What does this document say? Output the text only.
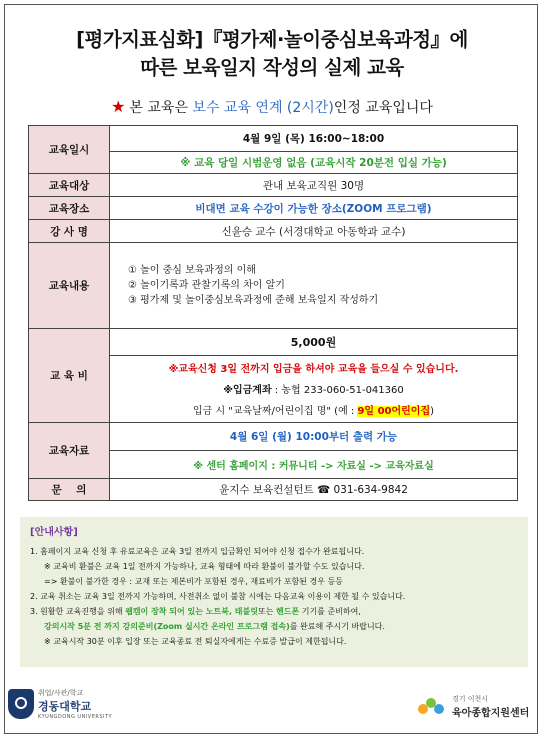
[평가지표심화]『평가제·놀이중심보육과정』에
따른 보육일지 작성의 실제 교육
★ 본 교육은 보수 교육 연계 (2시간)인정 교육입니다
교육일시	4월 9일 (목) 16:00~18:00
	※ 교육 당일 시범운영 없음 (교육시작 20분전 입실 가능)
교육대상	관내 보육교직원 30명
교육장소	비대면 교육 수강이 가능한 장소(ZOOM 프로그램)
강 사 명	신윤승 교수 (서경대학교 아동학과 교수)
교육내용	① 놀이 중심 보육과정의 이해
② 놀이기록과 관찰기록의 차이 알기
③ 평가제 및 놀이중심보육과정에 준해 보육일지 작성하기

교 육 비	5,000원
※교육신청 3일 전까지 입금을 하셔야 교육을 들으실 수 있습니다.
※입금계좌 : 농협 233-060-51-041360
입금 시 "교육날짜/어린이집 명" (예 : 9일 00어린이집)

교육자료	4월 6일 (월) 10:00부터 출력 가능
※ 센터 홈페이지 : 커뮤니티 -> 자료실 -> 교육자료실

문    의	윤지수 보육컨설턴트 ☎ 031-634-9842
[안내사항]
1. 홈페이지 교육 신청 후 유료교육은 교육 3일 전까지 입금확인 되어야 신청 접수가 완료됩니다.
※ 교육비 환불은 교육 1일 전까지 가능하나, 교육 형태에 따라 환불이 불가할 수도 있습니다.
=> 환불이 불가한 경우 : 교재 또는 제본비가 포함된 경우, 재료비가 포함된 경우 등등
2. 교육 취소는 교육 3일 전까지 가능하며, 사전취소 없이 불참 시에는 다음교육 이용이 제한 될 수 있습니다.
3. 원활한 교육진행을 위해 웹캠이 장착 되어 있는 노트북, 태블릿또는 핸드폰 기기를 준비하여,
강의시작 5분 전 까지 강의준비(Zoom 실시간 온라인 프로그램 접속)를 완료해 주시기 바랍니다.
※ 교육시작 30분 이후 입장 또는 교육종료 전 퇴실자에게는 수료증 발급이 제한됩니다.
취업/사관/학교
경동대학교
KYUNGDONG UNIVERSITY
경기 이천시
육아종합지원센터
